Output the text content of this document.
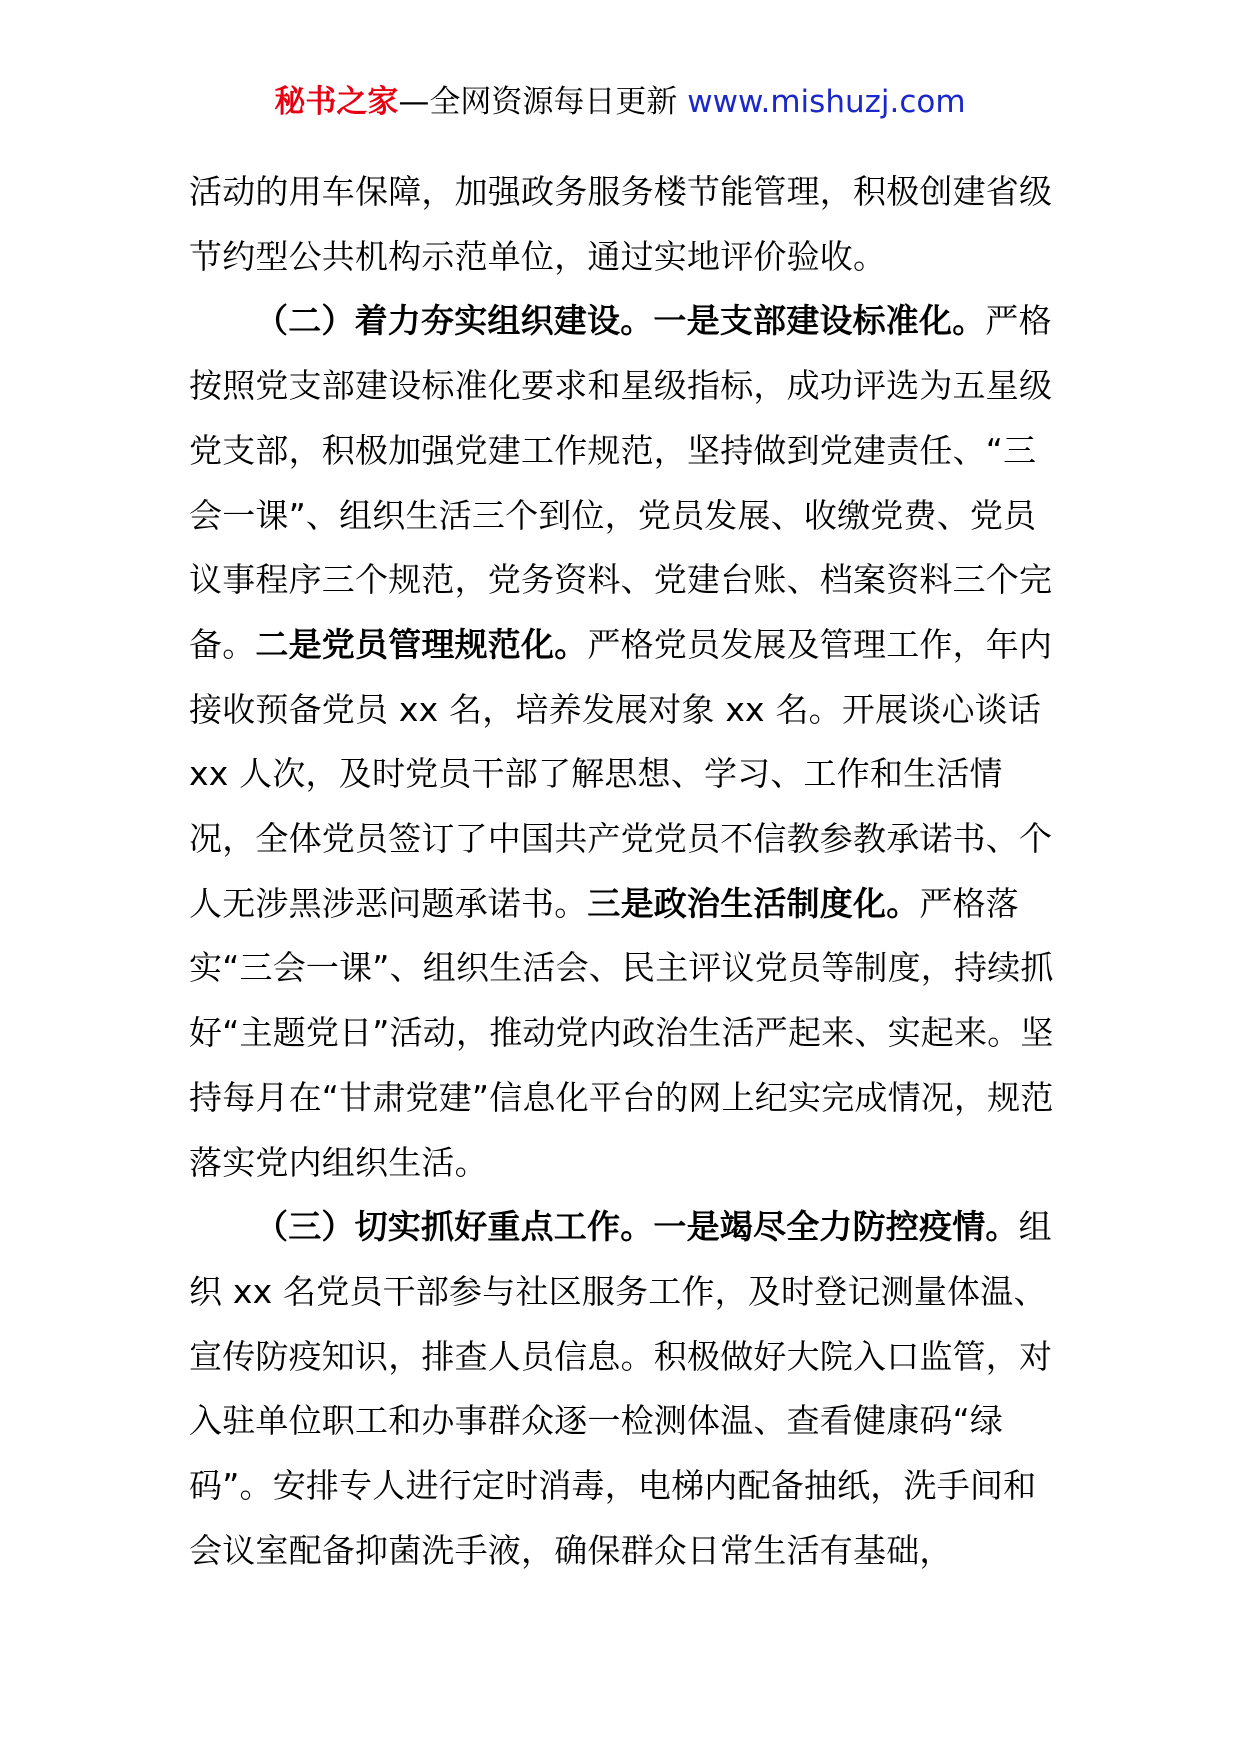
秘书之家—全网资源每日更新 www.mishuzj.com

活动的用车保障，加强政务服务楼节能管理，积极创建省级节约型公共机构示范单位，通过实地评价验收。

（二）着力夯实组织建设。一是支部建设标准化。严格按照党支部建设标准化要求和星级指标，成功评选为五星级党支部，积极加强党建工作规范，坚持做到党建责任、“三会一课”、组织生活三个到位，党员发展、收缴党费、党员议事程序三个规范，党务资料、党建台账、档案资料三个完备。二是党员管理规范化。严格党员发展及管理工作，年内接收预备党员 xx 名，培养发展对象 xx 名。开展谈心谈话 xx 人次，及时党员干部了解思想、学习、工作和生活情况，全体党员签订了中国共产党党员不信教参教承诺书、个人无涉黑涉恶问题承诺书。三是政治生活制度化。严格落实“三会一课”、组织生活会、民主评议党员等制度，持续抓好“主题党日”活动，推动党内政治生活严起来、实起来。坚持每月在“甘肃党建”信息化平台的网上纪实完成情况，规范落实党内组织生活。

（三）切实抓好重点工作。一是竭尽全力防控疫情。组织 xx 名党员干部参与社区服务工作，及时登记测量体温、宣传防疫知识，排查人员信息。积极做好大院入口监管，对入驻单位职工和办事群众逐一检测体温、查看健康码“绿码”。安排专人进行定时消毒，电梯内配备抽纸，洗手间和会议室配备抑菌洗手液，确保群众日常生活有基础，
